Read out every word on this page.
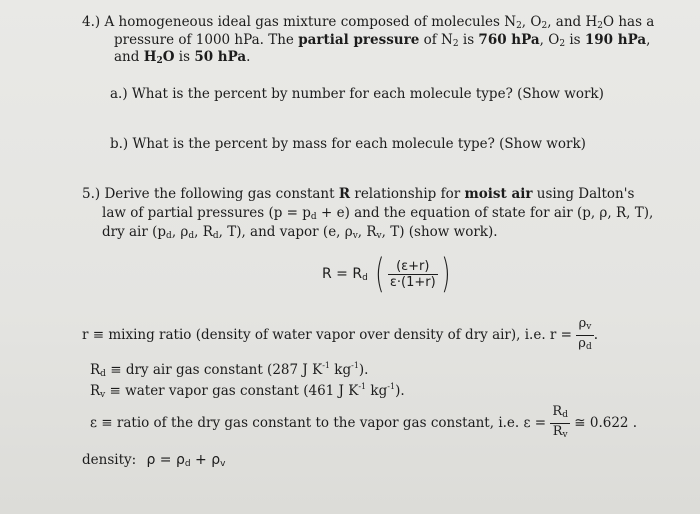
4.) A homogeneous ideal gas mixture composed of molecules $N_2$, $O_2$, and $H_2O$ has a
pressure of 1000 hPa. The partial pressure of $N_2$ is 760 hPa, $O_2$ is 190 hPa,
and $H_2O$ is 50 hPa.
a.) What is the percent by number for each molecule type? (Show work)
b.) What is the percent by mass for each molecule type? (Show work)
5.) Derive the following gas constant R relationship for moist air using Dalton's
law of partial pressures $(p = p_d + e)$ and the equation of state for air (p, ρ, R, T),
dry air ($p_d$, $\rho_d$, $R_d$, T), and vapor (e, $\rho_v$, $R_v$, T) (show work).
$R = R_d$ ( $\frac{(\varepsilon+r)}{\varepsilon\cdot(1+r)}$ )
r ≡ mixing ratio (density of water vapor over density of dry air), i.e. $r = \frac{\rho_v}{\rho_d}$ .
$R_d$ ≡ dry air gas constant (287 J $K^{-1}$ $kg^{-1}$).
$R_v$ ≡ water vapor gas constant (461 J $K^{-1}$ $kg^{-1}$).
ε ≡ ratio of the dry gas constant to the vapor gas constant, i.e. $\varepsilon = \frac{R_d}{R_v}$ ≅ 0.622 .
density: $\rho = \rho_d + \rho_v$
